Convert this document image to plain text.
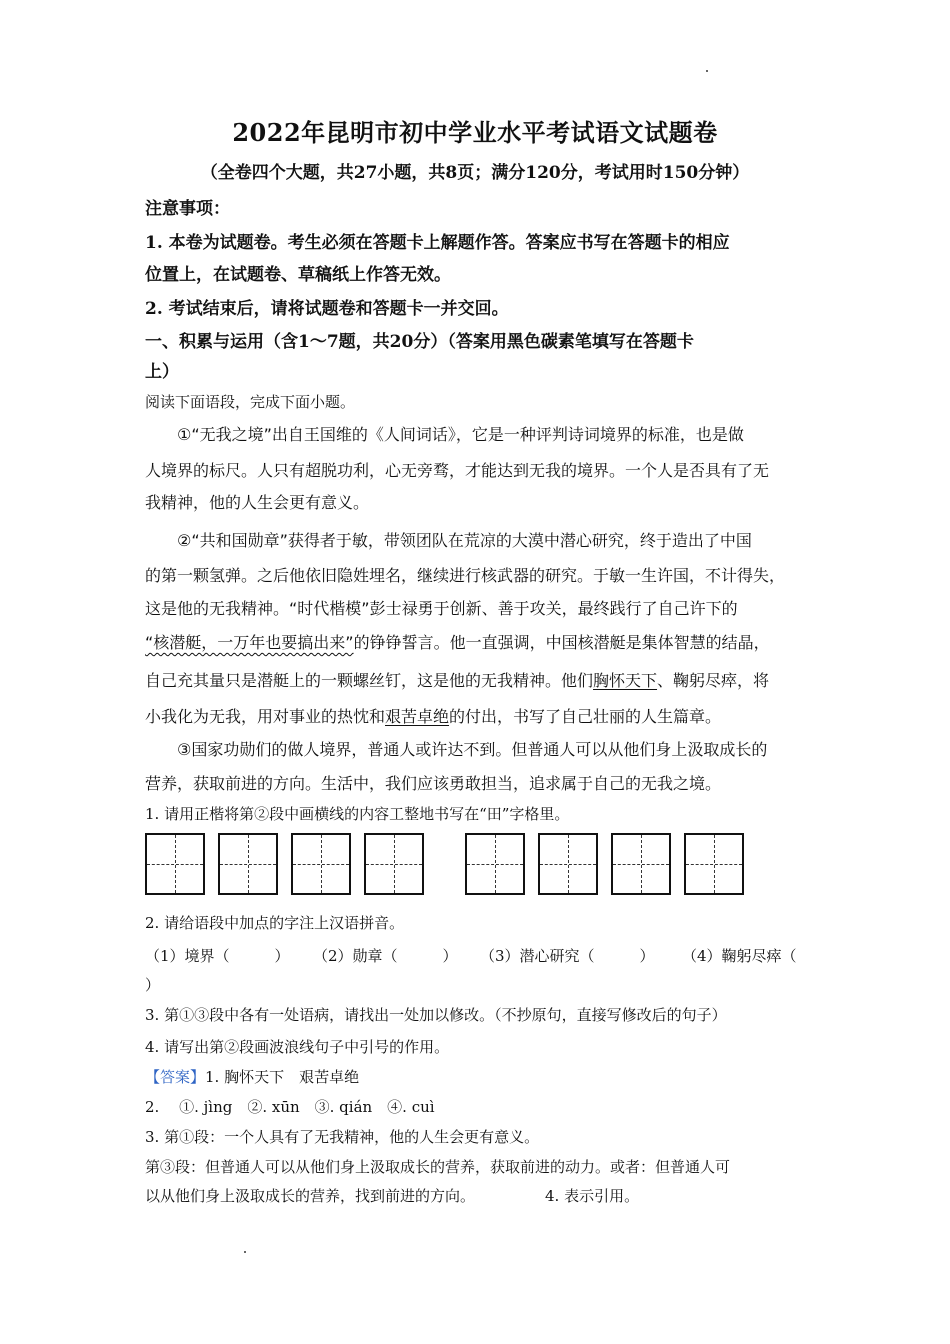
2022年昆明市初中学业水平考试语文试题卷
（全卷四个大题，共27小题，共8页；满分120分，考试用时150分钟）
注意事项：
1. 本卷为试题卷。考生必须在答题卡上解题作答。答案应书写在答题卡的相应
位置上，在试题卷、草稿纸上作答无效。
2. 考试结束后，请将试题卷和答题卡一并交回。
一、积累与运用（含1～7题，共20分）（答案用黑色碳素笔填写在答题卡
上）
阅读下面语段，完成下面小题。
①“无我之境”出自王国维的《人间词话》，它是一种评判诗词境界的标准，也是做
人境界的标尺。人只有超脱功利，心无旁骛，才能达到无我的境界。一个人是否具有了无
我精神，他的人生会更有意义。
②“共和国勋章”获得者于敏，带领团队在荒凉的大漠中潜心研究，终于造出了中国
的第一颗氢弹。之后他依旧隐姓埋名，继续进行核武器的研究。于敏一生许国，不计得失，
这是他的无我精神。“时代楷模”彭士禄勇于创新、善于攻关，最终践行了自己许下的
“核潜艇，一万年也要搞出来”的铮铮誓言。他一直强调，中国核潜艇是集体智慧的结晶，
自己充其量只是潜艇上的一颗螺丝钉，这是他的无我精神。他们胸怀天下、鞠躬尽瘁，将
小我化为无我，用对事业的热忱和艰苦卓绝的付出，书写了自己壮丽的人生篇章。
③国家功勋们的做人境界，普通人或许达不到。但普通人可以从他们身上汲取成长的
营养，获取前进的方向。生活中，我们应该勇敢担当，追求属于自己的无我之境。
1. 请用正楷将第②段中画横线的内容工整地书写在“田”字格里。
2. 请给语段中加点的字注上汉语拼音。
（1）境界（　　　） （2）勋章（　　　） （3）潜心研究（　　　） （4）鞠躬尽瘁（
）
3. 第①③段中各有一处语病，请找出一处加以修改。（不抄原句，直接写修改后的句子）
4. 请写出第②段画波浪线句子中引号的作用。
【答案】1. 胸怀天下　艰苦卓绝
2.　 ①. jìng　②. xūn　③. qián　④. cuì
3. 第①段：一个人具有了无我精神，他的人生会更有意义。
第③段：但普通人可以从他们身上汲取成长的营养，获取前进的动力。或者：但普通人可
以从他们身上汲取成长的营养，找到前进的方向。	4. 表示引用。
